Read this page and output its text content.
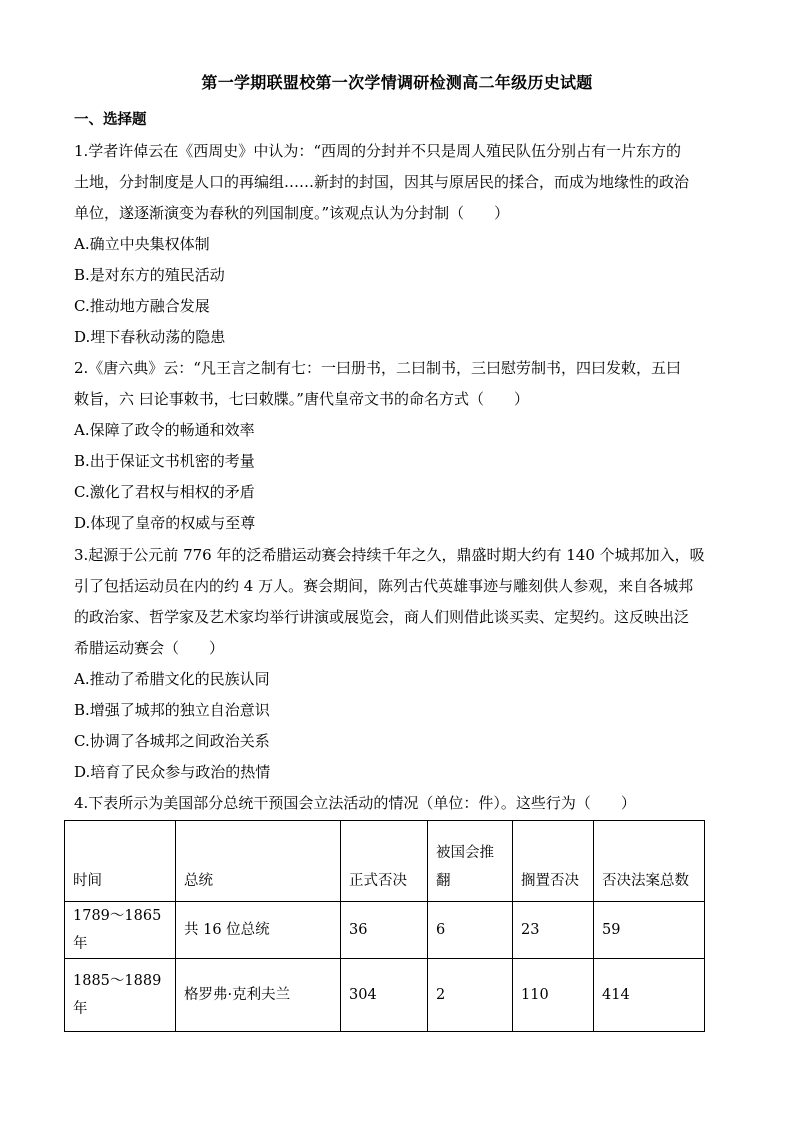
第一学期联盟校第一次学情调研检测高二年级历史试题
一、选择题
1.学者许倬云在《西周史》中认为：“西周的分封并不只是周人殖民队伍分别占有一片东方的
土地，分封制度是人口的再编组……新封的封国，因其与原居民的揉合，而成为地缘性的政治
单位，遂逐渐演变为春秋的列国制度。”该观点认为分封制（　　）
A.确立中央集权体制
B.是对东方的殖民活动
C.推动地方融合发展
D.埋下春秋动荡的隐患
2.《唐六典》云：“凡王言之制有七：一曰册书，二曰制书，三曰慰劳制书，四曰发敕，五曰
敕旨，六 曰论事敕书，七曰敕牒。”唐代皇帝文书的命名方式（　　）
A.保障了政令的畅通和效率
B.出于保证文书机密的考量
C.激化了君权与相权的矛盾
D.体现了皇帝的权威与至尊
3.起源于公元前 776 年的泛希腊运动赛会持续千年之久，鼎盛时期大约有 140 个城邦加入，吸
引了包括运动员在内的约 4 万人。赛会期间，陈列古代英雄事迹与雕刻供人参观，来自各城邦
的政治家、哲学家及艺术家均举行讲演或展览会，商人们则借此谈买卖、定契约。这反映出泛
希腊运动赛会（　　）
A.推动了希腊文化的民族认同
B.增强了城邦的独立自治意识
C.协调了各城邦之间政治关系
D.培育了民众参与政治的热情
4.下表所示为美国部分总统干预国会立法活动的情况（单位：件）。这些行为（　　）
时间	总统	正式否决	被国会推翻	搁置否决	否决法案总数
1789～1865 年	共 16 位总统	36	6	23	59
1885～1889 年	格罗弗·克利夫兰	304	2	110	414
